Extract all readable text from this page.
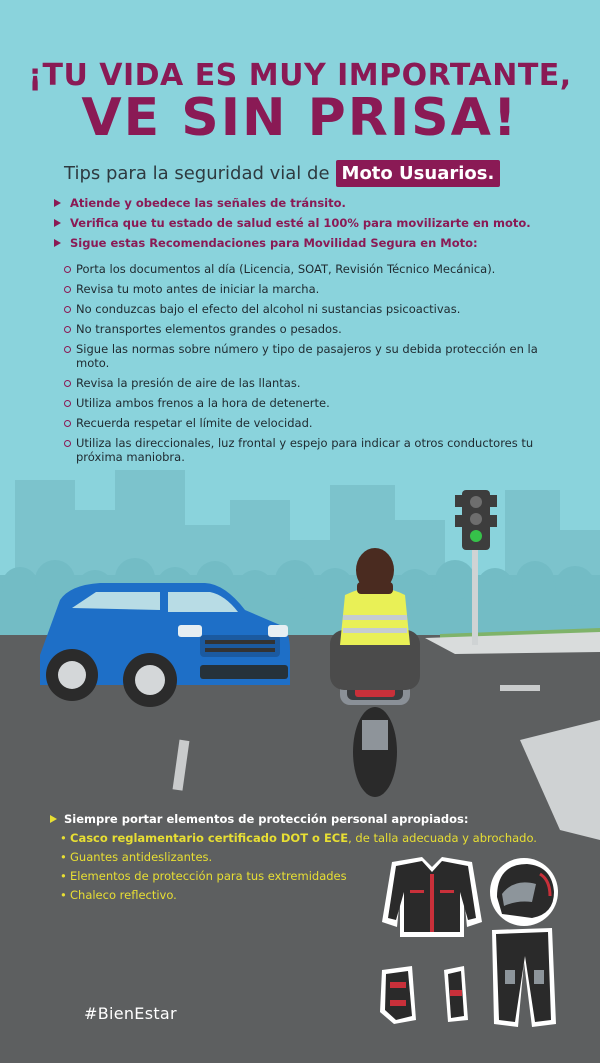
¡TU VIDA ES MUY IMPORTANTE,
VE SIN PRISA!
Tips para la seguridad vial de Moto Usuarios.
Atiende y obedece las señales de tránsito.
Verifica que tu estado de salud esté al 100% para movilizarte en moto.
Sigue estas Recomendaciones para Movilidad Segura en Moto:
Porta los documentos al día (Licencia, SOAT, Revisión Técnico Mecánica).
Revisa tu moto antes de iniciar la marcha.
No conduzcas bajo el efecto del alcohol ni sustancias psicoactivas.
No transportes elementos grandes o pesados.
Sigue las normas sobre número y tipo de pasajeros y su debida protección en la moto.
Revisa la presión de aire de las llantas.
Utiliza ambos frenos a la hora de detenerte.
Recuerda respetar el límite de velocidad.
Utiliza las direccionales, luz frontal y espejo para indicar a otros conductores tu próxima maniobra.
Siempre portar elementos de protección personal apropiados:
• Casco reglamentario certificado DOT o ECE, de talla adecuada y abrochado.
• Guantes antideslizantes.
• Elementos de protección para tus extremidades
• Chaleco reflectivo.
#BienEstar
